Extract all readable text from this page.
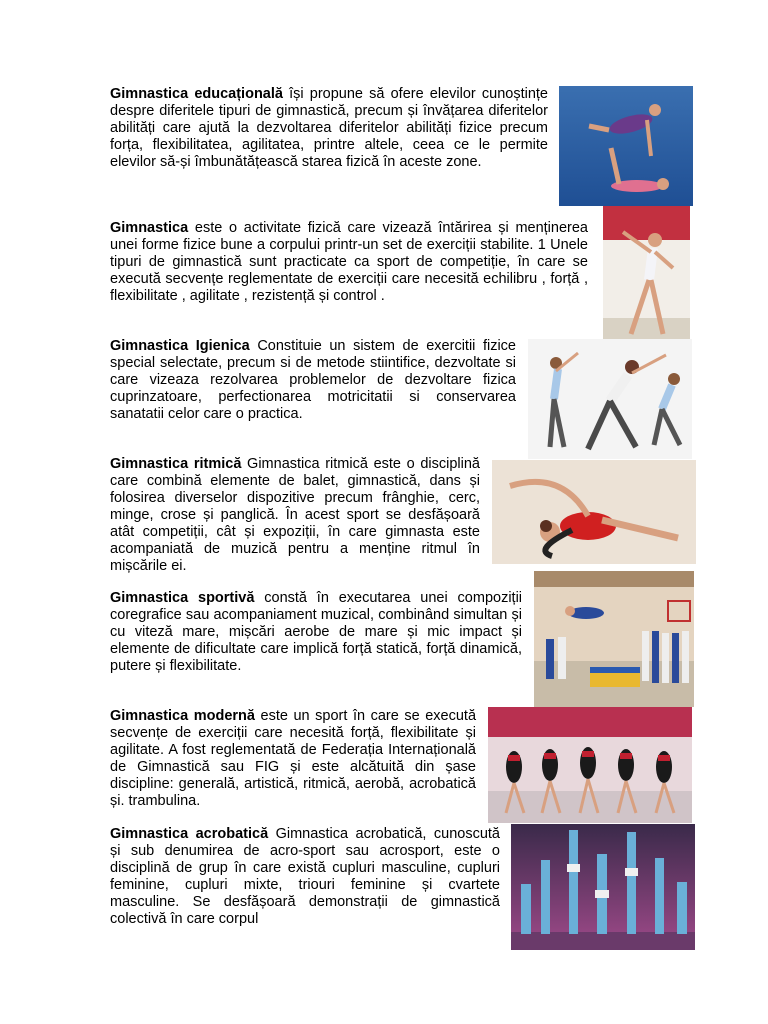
Gimnastica educațională își propune să ofere elevilor cunoștințe despre diferitele tipuri de gimnastică, precum și învățarea diferitelor abilități care ajută la dezvoltarea diferitelor abilități fizice precum forța, flexibilitatea, agilitatea, printre altele, ceea ce le permite elevilor să-și îmbunătățească starea fizică în aceste zone.

Gimnastica este o activitate fizică care vizează întărirea și menținerea unei forme fizice bune a corpului printr-un set de exerciții stabilite. 1 Unele tipuri de gimnastică sunt practicate ca sport de competiție, în care se execută secvențe reglementate de exerciții care necesită echilibru , forță , flexibilitate , agilitate , rezistență și control .

Gimnastica Igienica Constituie un sistem de exercitii fizice special selectate, precum si de metode stiintifice, dezvoltate si care vizeaza rezolvarea problemelor de dezvoltare fizica cuprinzatoare, perfectionarea motricitatii si conservarea sanatatii celor care o practica.

Gimnastica ritmică Gimnastica ritmică este o disciplină care combină elemente de balet, gimnastică, dans și folosirea diverselor dispozitive precum frânghie, cerc, minge, crose și panglică. În acest sport se desfășoară atât competiții, cât și expoziții, în care gimnasta este acompaniată de muzică pentru a menține ritmul în mișcările ei.

Gimnastica sportivă constă în executarea unei compoziții coregrafice sau acompaniament muzical, combinând simultan și cu viteză mare, mișcări aerobe de mare și mic impact și elemente de dificultate care implică forță statică, forță dinamică, putere și flexibilitate.

Gimnastica modernă este un sport în care se execută secvențe de exerciții care necesită forță, flexibilitate și agilitate. A fost reglementată de Federația Internațională de Gimnastică sau FIG și este alcătuită din șase discipline: generală, artistică, ritmică, aerobă, acrobatică și. trambulina.

Gimnastica acrobatică Gimnastica acrobatică, cunoscută și sub denumirea de acro-sport sau acrosport, este o disciplină de grup în care există cupluri masculine, cupluri feminine, cupluri mixte, triouri feminine și cvartete masculine. Se desfășoară demonstrații de gimnastică colectivă în care corpul
